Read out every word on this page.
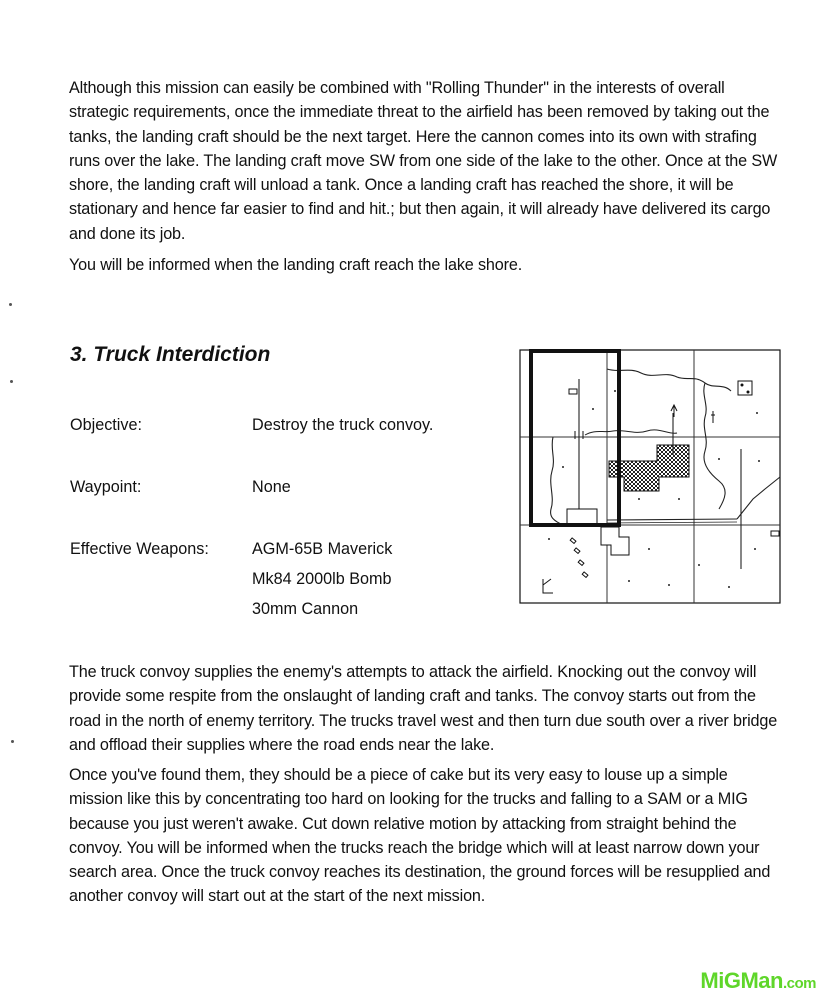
Although this mission can easily be combined with "Rolling Thunder" in the interests of overall strategic requirements, once the immediate threat to the airfield has been removed by taking out the tanks, the landing craft should be the next target. Here the cannon comes into its own with strafing runs over the lake. The landing craft move SW from one side of the lake to the other. Once at the SW shore, the landing craft will unload a tank. Once a landing craft has reached the shore, it will be stationary and hence far easier to find and hit.; but then again, it will already have delivered its cargo and done its job.

You will be informed when the landing craft reach the lake shore.

3. Truck Interdiction

Objective:	Destroy the truck convoy.

Waypoint:	None

Effective Weapons:	AGM-65B Maverick

Mk84 2000lb Bomb

30mm Cannon

The truck convoy supplies the enemy's attempts to attack the airfield. Knocking out the convoy will provide some respite from the onslaught of landing craft and tanks. The convoy starts out from the road in the north of enemy territory. The trucks travel west and then turn due south over a river bridge and offload their supplies where the road ends near the lake.

Once you've found them, they should be a piece of cake but its very easy to louse up a simple mission like this by concentrating too hard on looking for the trucks and falling to a SAM or a MIG because you just weren't awake. Cut down relative motion by attacking from straight behind the convoy. You will be informed when the trucks reach the bridge which will at least narrow down your search area. Once the truck convoy reaches its destination, the ground forces will be resupplied and another convoy will start out at the start of the next mission.

MiGMan.com
